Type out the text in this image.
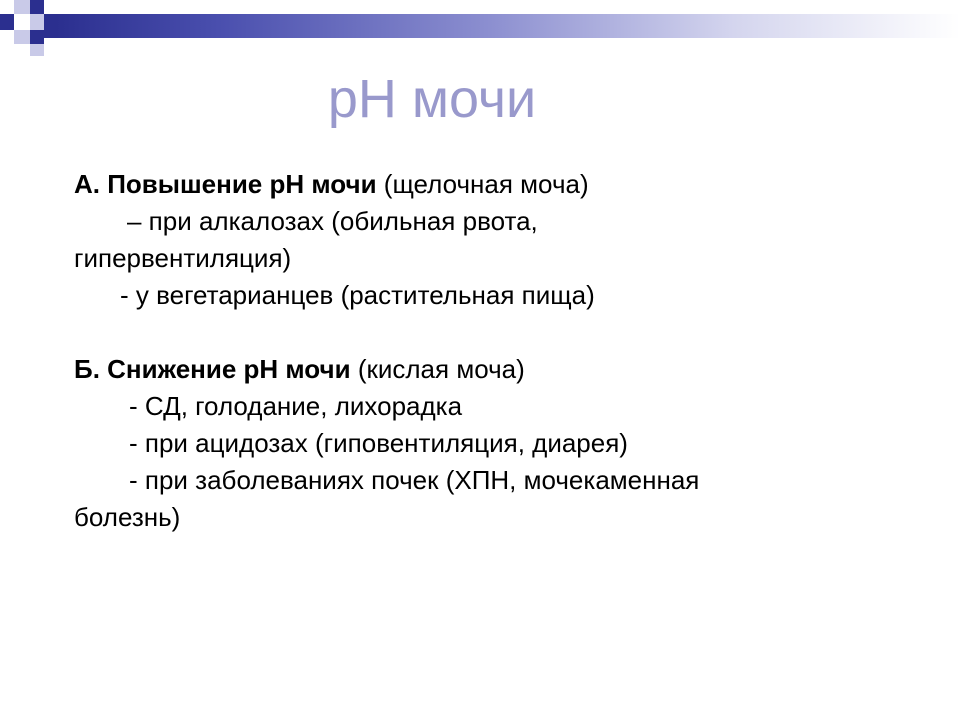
pH мочи
А. Повышение рН мочи (щелочная моча)
– при алкалозах (обильная рвота,
гипервентиляция)
- у вегетарианцев (растительная пища)
Б. Снижение рН мочи (кислая моча)
- СД, голодание, лихорадка
- при ацидозах (гиповентиляция, диарея)
- при заболеваниях почек (ХПН, мочекаменная
болезнь)
